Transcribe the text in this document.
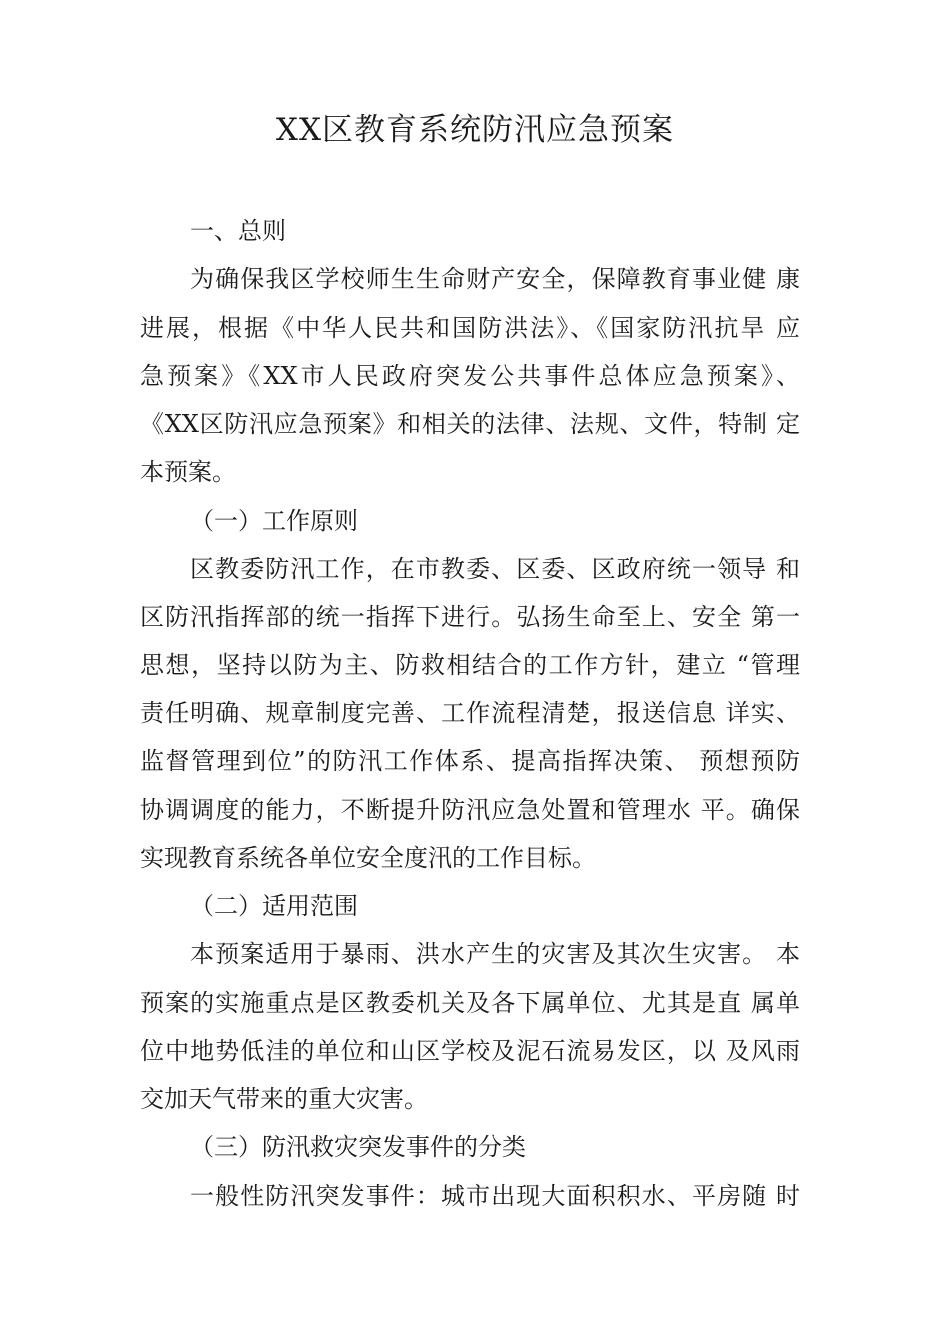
XX区教育系统防汛应急预案

一、总则

为确保我区学校师生生命财产安全，保障教育事业健 康

进展，根据《中华人民共和国防洪法》、《国家防汛抗旱 应

急预案》《XX市人民政府突发公共事件总体应急预案》、

《XX区防汛应急预案》和相关的法律、法规、文件，特制 定

本预案。

（一）工作原则

区教委防汛工作，在市教委、区委、区政府统一领导 和

区防汛指挥部的统一指挥下进行。弘扬生命至上、安全 第一

思想，坚持以防为主、防救相结合的工作方针，建立 “管理

责任明确、规章制度完善、工作流程清楚，报送信息 详实、

监督管理到位”的防汛工作体系、提高指挥决策、 预想预防

协调调度的能力，不断提升防汛应急处置和管理水 平。确保

实现教育系统各单位安全度汛的工作目标。

（二）适用范围

本预案适用于暴雨、洪水产生的灾害及其次生灾害。 本

预案的实施重点是区教委机关及各下属单位、尤其是直 属单

位中地势低洼的单位和山区学校及泥石流易发区，以 及风雨

交加天气带来的重大灾害。

（三）防汛救灾突发事件的分类

一般性防汛突发事件：城市出现大面积积水、平房随 时
